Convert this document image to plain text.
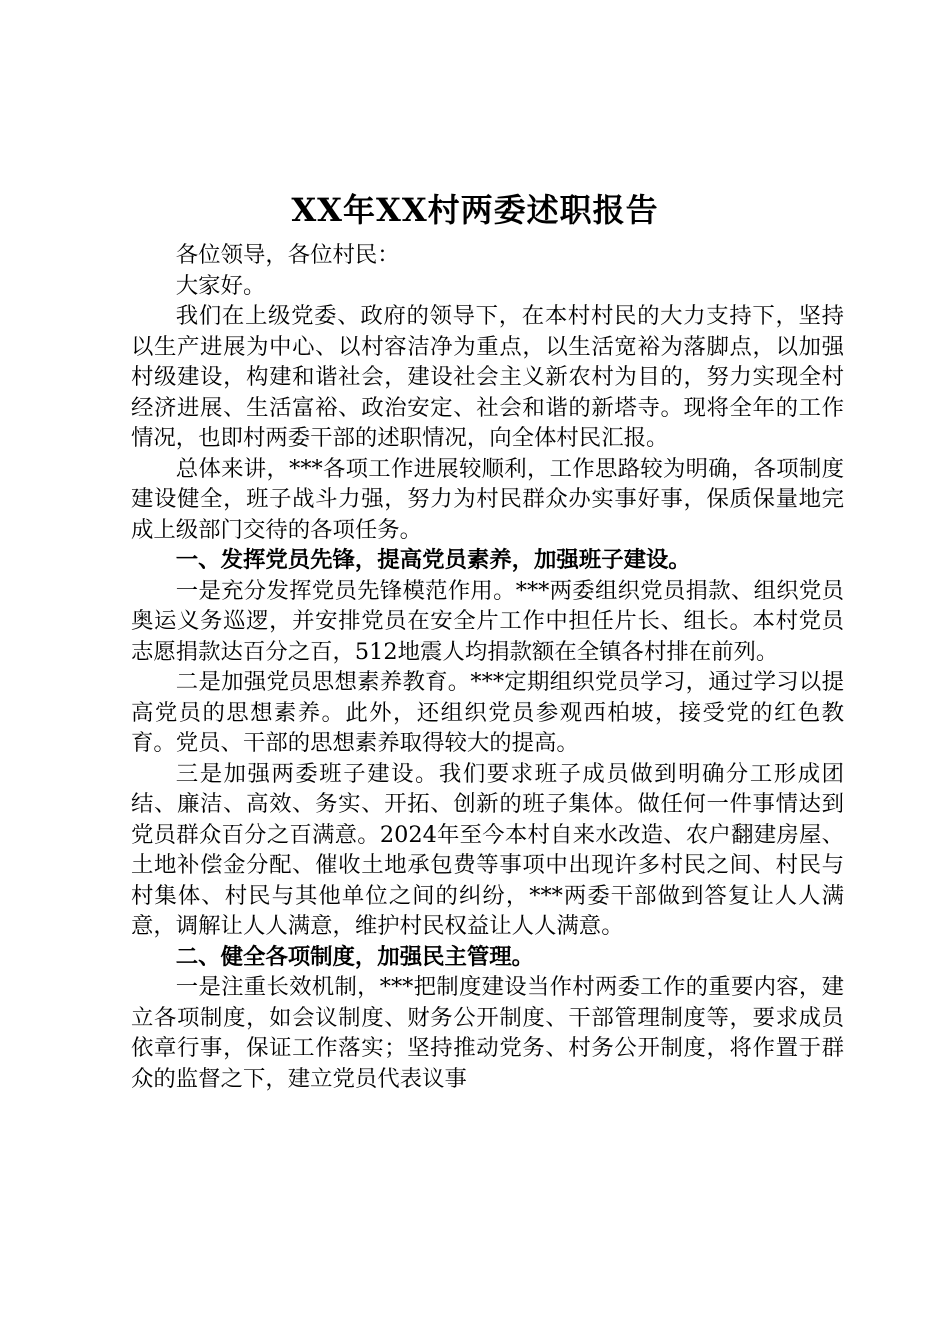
XX年XX村两委述职报告

各位领导，各位村民：

大家好。

我们在上级党委、政府的领导下，在本村村民的大力支持下，坚持以生产进展为中心、以村容洁净为重点，以生活宽裕为落脚点，以加强村级建设，构建和谐社会，建设社会主义新农村为目的，努力实现全村经济进展、生活富裕、政治安定、社会和谐的新塔寺。现将全年的工作情况，也即村两委干部的述职情况，向全体村民汇报。

总体来讲，***各项工作进展较顺利，工作思路较为明确，各项制度建设健全，班子战斗力强，努力为村民群众办实事好事，保质保量地完成上级部门交待的各项任务。

一、发挥党员先锋，提高党员素养，加强班子建设。

一是充分发挥党员先锋模范作用。***两委组织党员捐款、组织党员奥运义务巡逻，并安排党员在安全片工作中担任片长、组长。本村党员志愿捐款达百分之百，512地震人均捐款额在全镇各村排在前列。

二是加强党员思想素养教育。***定期组织党员学习，通过学习以提高党员的思想素养。此外，还组织党员参观西柏坡，接受党的红色教育。党员、干部的思想素养取得较大的提高。

三是加强两委班子建设。我们要求班子成员做到明确分工形成团结、廉洁、高效、务实、开拓、创新的班子集体。做任何一件事情达到党员群众百分之百满意。2024年至今本村自来水改造、农户翻建房屋、土地补偿金分配、催收土地承包费等事项中出现许多村民之间、村民与村集体、村民与其他单位之间的纠纷，***两委干部做到答复让人人满意，调解让人人满意，维护村民权益让人人满意。

二、健全各项制度，加强民主管理。

一是注重长效机制，***把制度建设当作村两委工作的重要内容，建立各项制度，如会议制度、财务公开制度、干部管理制度等，要求成员依章行事，保证工作落实；坚持推动党务、村务公开制度，将作置于群众的监督之下，建立党员代表议事
